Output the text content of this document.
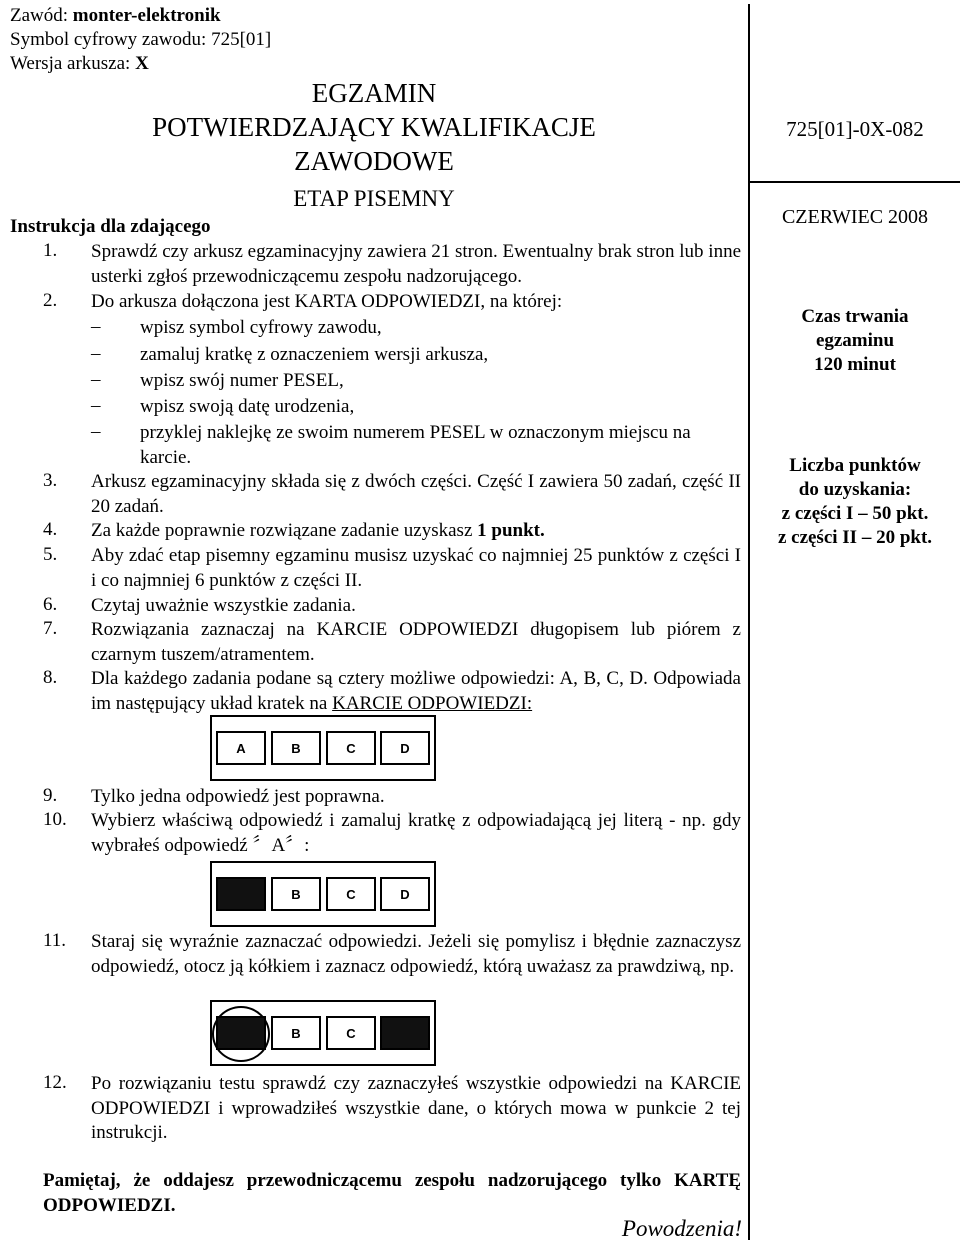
Zawód: monter-elektronik
Symbol cyfrowy zawodu: 725[01]
Wersja arkusza: X
EGZAMIN
POTWIERDZAJĄCY KWALIFIKACJE
ZAWODOWE
ETAP PISEMNY
Instrukcja dla zdającego
1. Sprawdź czy arkusz egzaminacyjny zawiera 21 stron. Ewentualny brak stron lub inne usterki zgłoś przewodniczącemu zespołu nadzorującego.
2. Do arkusza dołączona jest KARTA ODPOWIEDZI, na której:
– wpisz symbol cyfrowy zawodu,
– zamaluj kratkę z oznaczeniem wersji arkusza,
– wpisz swój numer PESEL,
– wpisz swoją datę urodzenia,
– przyklej naklejkę ze swoim numerem PESEL w oznaczonym miejscu na karcie.
3. Arkusz egzaminacyjny składa się z dwóch części. Część I zawiera 50 zadań, część II 20 zadań.
4. Za każde poprawnie rozwiązane zadanie uzyskasz 1 punkt.
5. Aby zdać etap pisemny egzaminu musisz uzyskać co najmniej 25 punktów z części I i co najmniej 6 punktów z części II.
6. Czytaj uważnie wszystkie zadania.
7. Rozwiązania zaznaczaj na KARCIE ODPOWIEDZI długopisem lub piórem z czarnym tuszem/atramentem.
8. Dla każdego zadania podane są cztery możliwe odpowiedzi: A, B, C, D. Odpowiada im następujący układ kratek na KARCIE ODPOWIEDZI:
A	B	C	D
9. Tylko jedna odpowiedź jest poprawna.
10. Wybierz właściwą odpowiedź i zamaluj kratkę z odpowiadającą jej literą - np. gdy wybrałeś odpowiedź 〞A〞:
B	C	D
11. Staraj się wyraźnie zaznaczać odpowiedzi. Jeżeli się pomylisz i błędnie zaznaczysz odpowiedź, otocz ją kółkiem i zaznacz odpowiedź, którą uważasz za prawdziwą, np.
B	C
12. Po rozwiązaniu testu sprawdź czy zaznaczyłeś wszystkie odpowiedzi na KARCIE ODPOWIEDZI i wprowadziłeś wszystkie dane, o których mowa w punkcie 2 tej instrukcji.
Pamiętaj, że oddajesz przewodniczącemu zespołu nadzorującego tylko KARTĘ ODPOWIEDZI.
Powodzenia!
725[01]-0X-082
CZERWIEC 2008
Czas trwania
egzaminu
120 minut
Liczba punktów
do uzyskania:
z części I – 50 pkt.
z części II – 20 pkt.
